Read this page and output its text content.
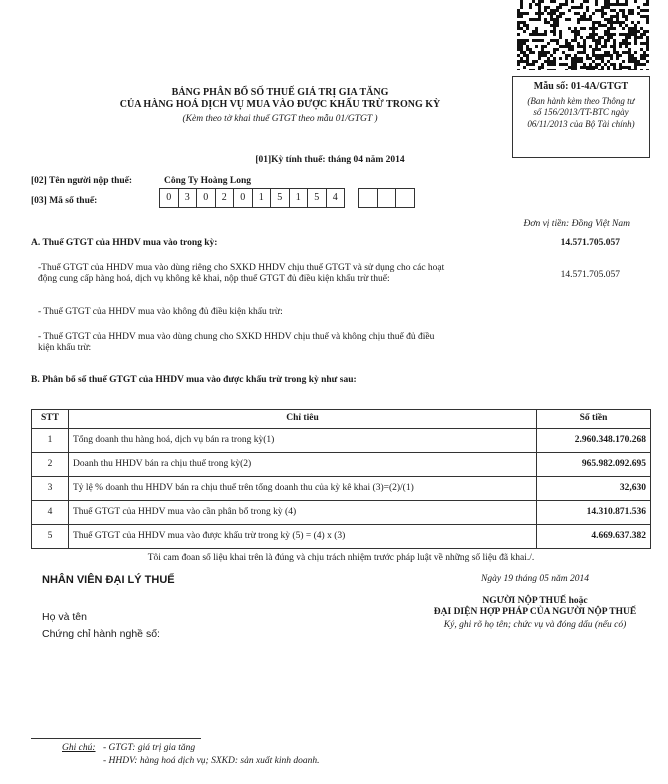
Mẫu số: 01-4A/GTGT
(Ban hành kèm theo Thông tư
số 156/2013/TT-BTC ngày
06/11/2013 của Bộ Tài chính)
BẢNG PHÂN BỔ SỐ THUẾ GIÁ TRỊ GIA TĂNG
CỦA HÀNG HOÁ DỊCH VỤ MUA VÀO ĐƯỢC KHẤU TRỪ TRONG KỲ
(Kèm theo tờ khai thuế GTGT theo mẫu 01/GTGT )
[01]Kỳ tính thuế: tháng 04 năm 2014
[02] Tên người nộp thuế:	Công Ty Hoàng Long
[03] Mã số thuế:	0	3	0	2	0	1	5	1	5	4
Đơn vị tiền: Đồng Việt Nam
A. Thuế GTGT của HHDV mua vào trong kỳ:	14.571.705.057
-Thuế GTGT của HHDV mua vào dùng riêng cho SXKD HHDV chịu thuế GTGT và sử dụng cho các hoạt
động cung cấp hàng hoá, dịch vụ không kê khai, nộp thuế GTGT đủ điều kiện khấu trừ thuế:	14.571.705.057
- Thuế GTGT của HHDV mua vào không đủ điều kiện khấu trừ:
- Thuế GTGT của HHDV mua vào dùng chung cho SXKD HHDV chịu thuế và không chịu thuế đủ điều
kiện khấu trừ:
B. Phân bổ số thuế GTGT của HHDV mua vào được khấu trừ trong kỳ như sau:
STT	Chỉ tiêu	Số tiền
1	Tổng doanh thu hàng hoá, dịch vụ bán ra trong kỳ(1)	2.960.348.170.268
2	Doanh thu HHDV bán ra chịu thuế trong kỳ(2)	965.982.092.695
3	Tỷ lệ % doanh thu HHDV bán ra chịu thuế trên tổng doanh thu của kỳ kê khai (3)=(2)/(1)	32,630
4	Thuế GTGT của HHDV mua vào cần phân bổ trong kỳ (4)	14.310.871.536
5	Thuế GTGT của HHDV mua vào được khấu trừ trong kỳ (5) = (4) x (3)	4.669.637.382
Tôi cam đoan số liệu khai trên là đúng và chịu trách nhiệm trước pháp luật về những số liệu đã khai./.
NHÂN VIÊN ĐẠI LÝ THUẾ
Họ và tên
Chứng chỉ hành nghề số:
Ngày 19 tháng 05 năm 2014
NGƯỜI NỘP THUẾ hoặc
ĐẠI DIỆN HỢP PHÁP CỦA NGƯỜI NỘP THUẾ
Ký, ghi rõ họ tên; chức vụ và đóng dấu (nếu có)
Ghi chú: - GTGT: giá trị gia tăng
- HHDV: hàng hoá dịch vụ; SXKD: sản xuất kinh doanh.
